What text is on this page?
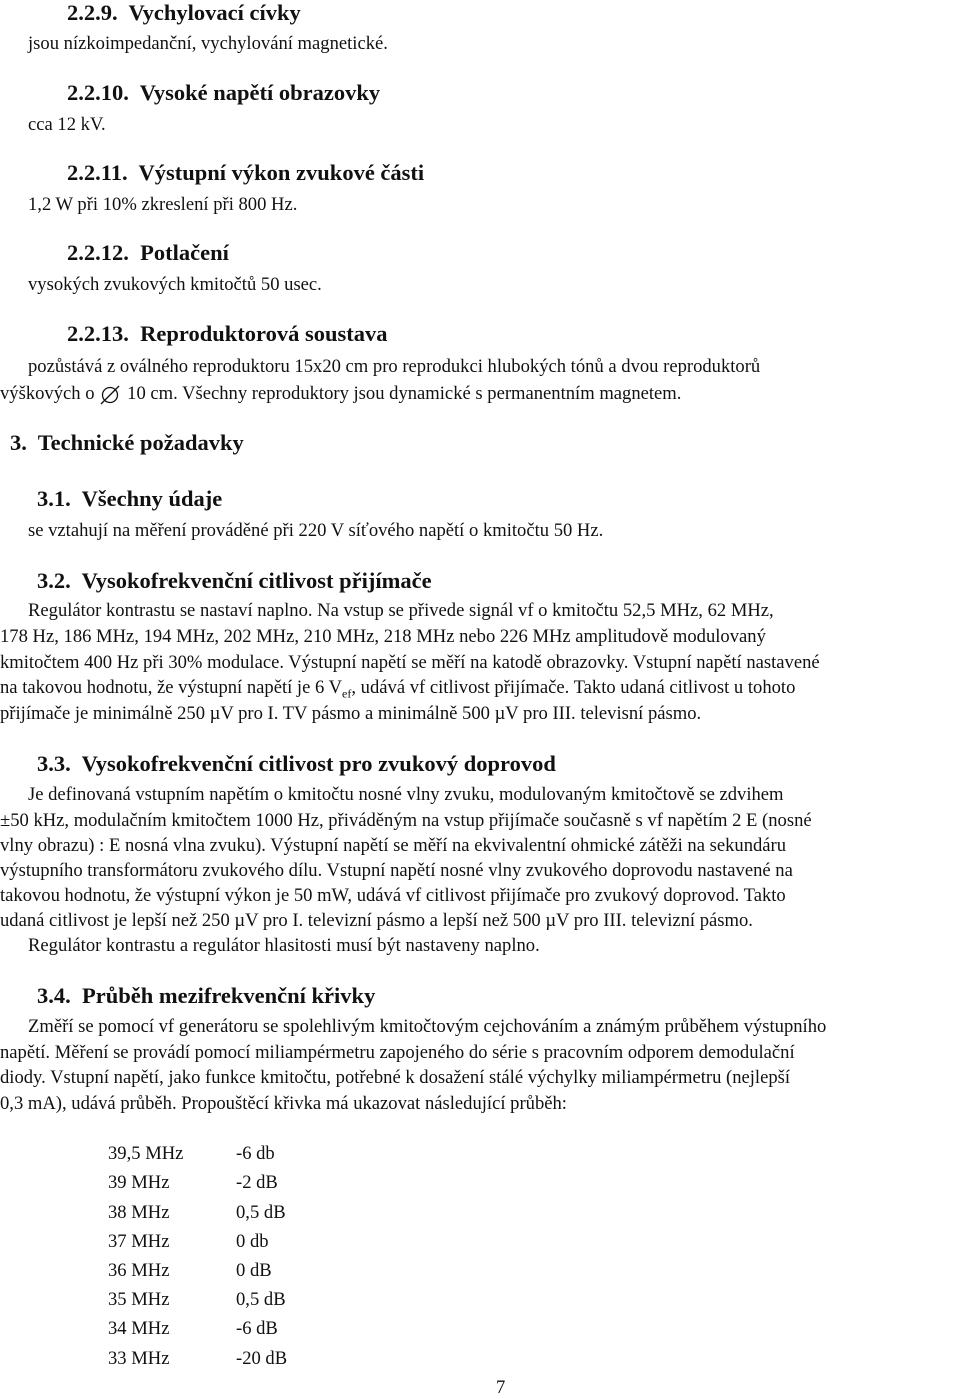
2.2.9. Vychylovací cívky
jsou nízkoimpedanční, vychylování magnetické.
2.2.10. Vysoké napětí obrazovky
cca 12 kV.
2.2.11. Výstupní výkon zvukové části
1,2 W při 10% zkreslení při 800 Hz.
2.2.12. Potlačení
vysokých zvukových kmitočtů 50 usec.
2.2.13. Reproduktorová soustava
pozůstává z oválného reproduktoru 15x20 cm pro reprodukci hlubokých tónů a dvou reproduktorů
výškových o 10 cm. Všechny reproduktory jsou dynamické s permanentním magnetem.
3. Technické požadavky
3.1. Všechny údaje
se vztahují na měření prováděné při 220 V síťového napětí o kmitočtu 50 Hz.
3.2. Vysokofrekvenční citlivost přijímače
Regulátor kontrastu se nastaví naplno. Na vstup se přivede signál vf o kmitočtu 52,5 MHz, 62 MHz,
178 Hz, 186 MHz, 194 MHz, 202 MHz, 210 MHz, 218 MHz nebo 226 MHz amplitudově modulovaný
kmitočtem 400 Hz při 30% modulace. Výstupní napětí se měří na katodě obrazovky. Vstupní napětí nastavené
na takovou hodnotu, že výstupní napětí je 6 $V_{ef}$, udává vf citlivost přijímače. Takto udaná citlivost u tohoto
přijímače je minimálně 250 µV pro I. TV pásmo a minimálně 500 µV pro III. televisní pásmo.
3.3. Vysokofrekvenční citlivost pro zvukový doprovod
Je definovaná vstupním napětím o kmitočtu nosné vlny zvuku, modulovaným kmitočtově se zdvihem
±50 kHz, modulačním kmitočtem 1000 Hz, přiváděným na vstup přijímače současně s vf napětím 2 E (nosné
vlny obrazu) : E nosná vlna zvuku). Výstupní napětí se měří na ekvivalentní ohmické zátěži na sekundáru
výstupního transformátoru zvukového dílu. Vstupní napětí nosné vlny zvukového doprovodu nastavené na
takovou hodnotu, že výstupní výkon je 50 mW, udává vf citlivost přijímače pro zvukový doprovod. Takto
udaná citlivost je lepší než 250 µV pro I. televizní pásmo a lepší než 500 µV pro III. televizní pásmo.
Regulátor kontrastu a regulátor hlasitosti musí být nastaveny naplno.
3.4. Průběh mezifrekvenční křivky
Změří se pomocí vf generátoru se spolehlivým kmitočtovým cejchováním a známým průběhem výstupního
napětí. Měření se provádí pomocí miliampérmetru zapojeného do série s pracovním odporem demodulační
diody. Vstupní napětí, jako funkce kmitočtu, potřebné k dosažení stálé výchylky miliampérmetru (nejlepší
0,3 mA), udává průběh. Propouštěcí křivka má ukazovat následující průběh:
39,5 MHz	-6 db
39 MHz	-2 dB
38 MHz	0,5 dB
37 MHz	0 db
36 MHz	0 dB
35 MHz	0,5 dB
34 MHz	-6 dB
33 MHz	-20 dB
7
